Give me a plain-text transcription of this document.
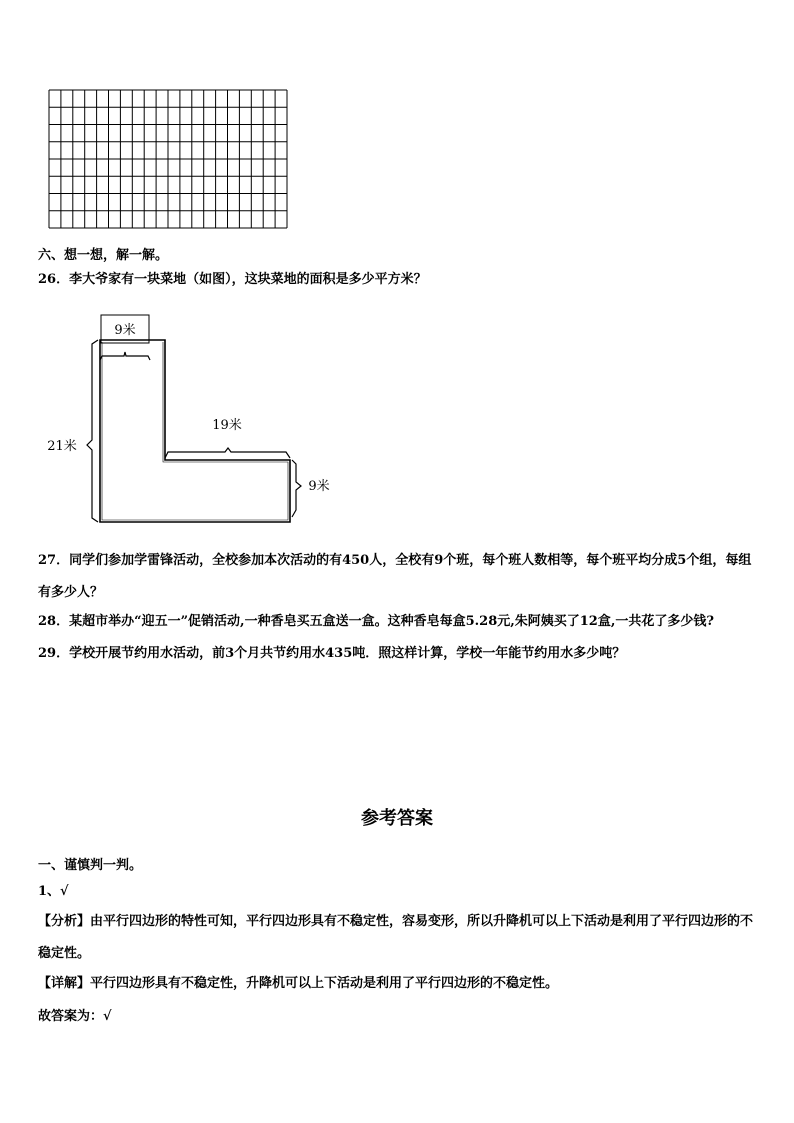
六、想一想，解一解。
26．李大爷家有一块菜地（如图），这块菜地的面积是多少平方米？
9米
21米
19米
9米
27．同学们参加学雷锋活动，全校参加本次活动的有450人，全校有9个班，每个班人数相等，每个班平均分成5个组，每组有多少人？
28．某超市举办“迎五一”促销活动,一种香皂买五盒送一盒。这种香皂每盒5.28元,朱阿姨买了12盒,一共花了多少钱?
29．学校开展节约用水活动，前3个月共节约用水435吨．照这样计算，学校一年能节约用水多少吨？
参考答案
一、谨慎判一判。
1、√
【分析】由平行四边形的特性可知，平行四边形具有不稳定性，容易变形，所以升降机可以上下活动是利用了平行四边形的不稳定性。
【详解】平行四边形具有不稳定性，升降机可以上下活动是利用了平行四边形的不稳定性。
故答案为：√
